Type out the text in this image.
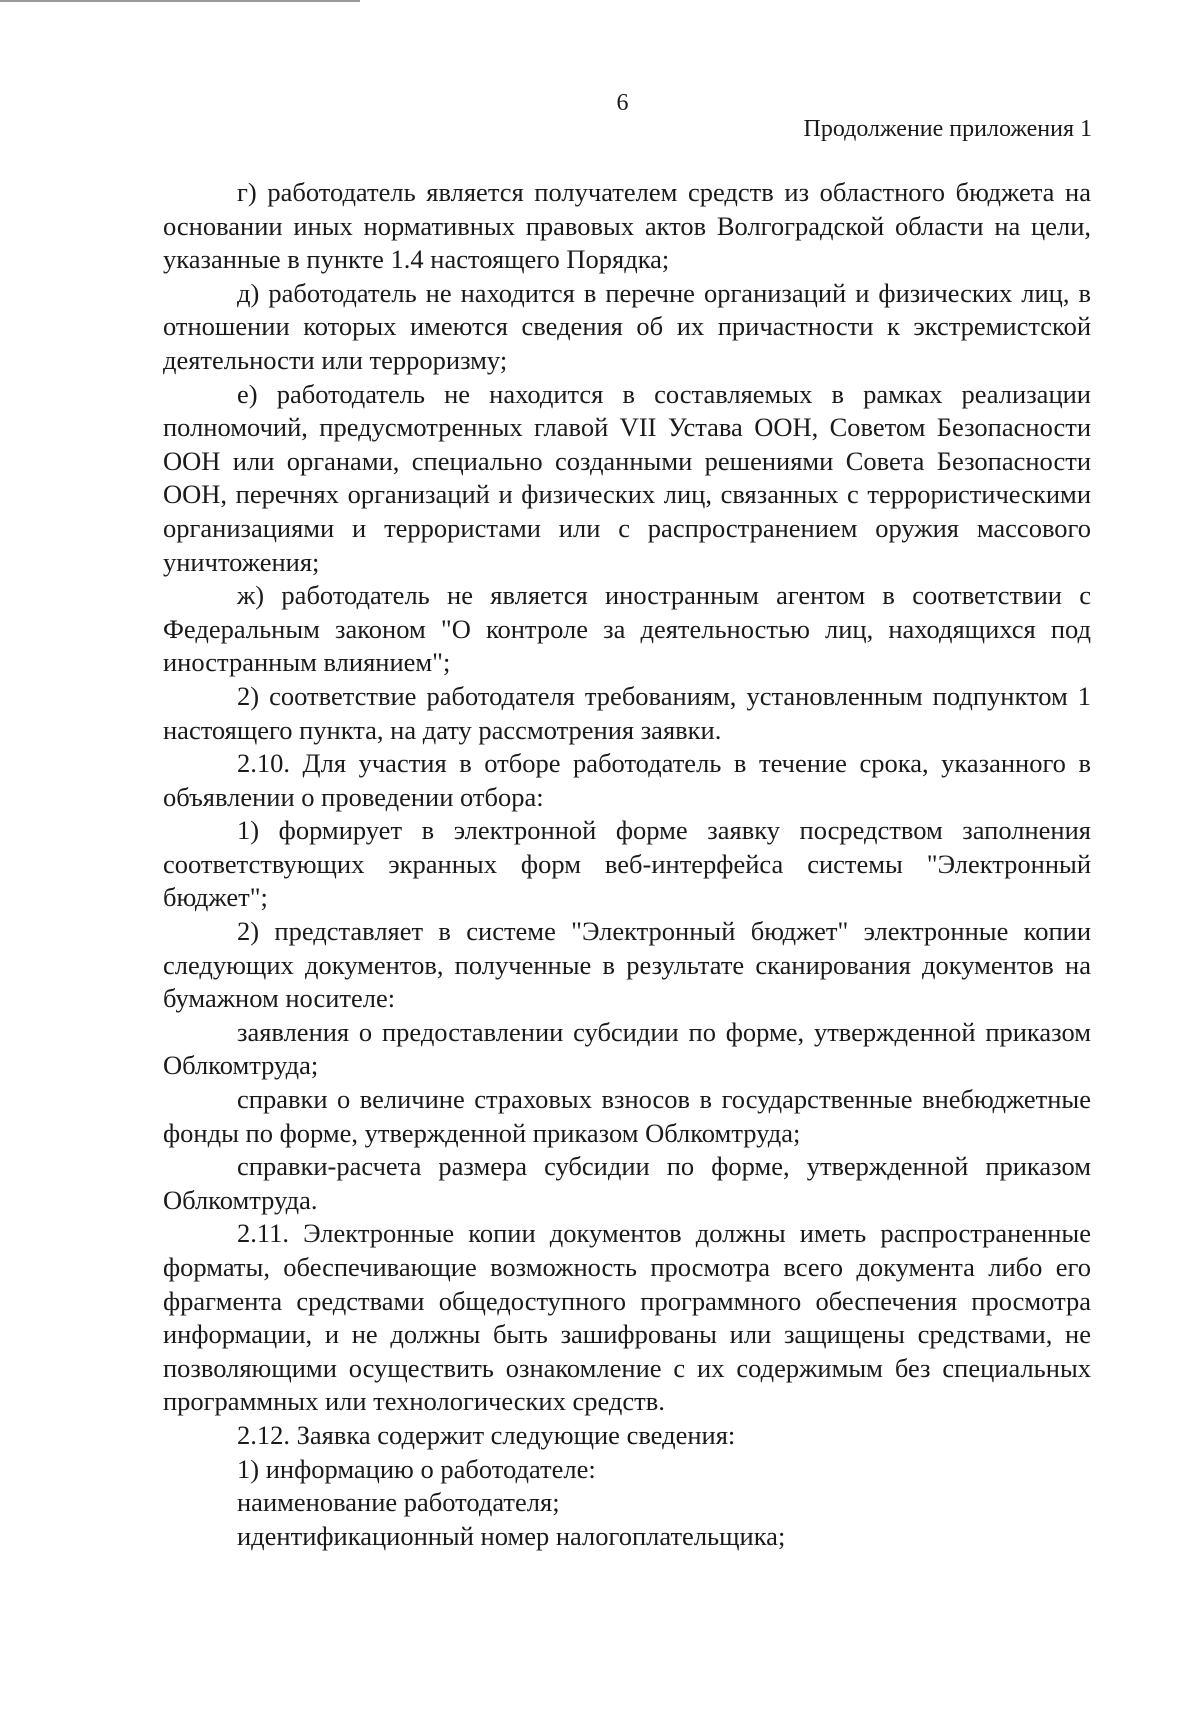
6
Продолжение приложения 1

г) работодатель является получателем средств из областного бюджета на основании иных нормативных правовых актов Волгоградской области на цели, указанные в пункте 1.4 настоящего Порядка;

д) работодатель не находится в перечне организаций и физических лиц, в отношении которых имеются сведения об их причастности к экстремистской деятельности или терроризму;

е) работодатель не находится в составляемых в рамках реализации полномочий, предусмотренных главой VII Устава ООН, Советом Безопасности ООН или органами, специально созданными решениями Совета Безопасности ООН, перечнях организаций и физических лиц, связанных с террористическими организациями и террористами или с распространением оружия массового уничтожения;

ж) работодатель не является иностранным агентом в соответствии с Федеральным законом "О контроле за деятельностью лиц, находящихся под иностранным влиянием";

2) соответствие работодателя требованиям, установленным подпунктом 1 настоящего пункта, на дату рассмотрения заявки.

2.10. Для участия в отборе работодатель в течение срока, указанного в объявлении о проведении отбора:

1) формирует в электронной форме заявку посредством заполнения соответствующих экранных форм веб-интерфейса системы "Электронный бюджет";

2) представляет в системе "Электронный бюджет" электронные копии следующих документов, полученные в результате сканирования документов на бумажном носителе:

заявления о предоставлении субсидии по форме, утвержденной приказом Облкомтруда;

справки о величине страховых взносов в государственные внебюджетные фонды по форме, утвержденной приказом Облкомтруда;

справки-расчета размера субсидии по форме, утвержденной приказом Облкомтруда.

2.11. Электронные копии документов должны иметь распространенные форматы, обеспечивающие возможность просмотра всего документа либо его фрагмента средствами общедоступного программного обеспечения просмотра информации, и не должны быть зашифрованы или защищены средствами, не позволяющими осуществить ознакомление с их содержимым без специальных программных или технологических средств.

2.12. Заявка содержит следующие сведения:

1) информацию о работодателе:

наименование работодателя;

идентификационный номер налогоплательщика;
